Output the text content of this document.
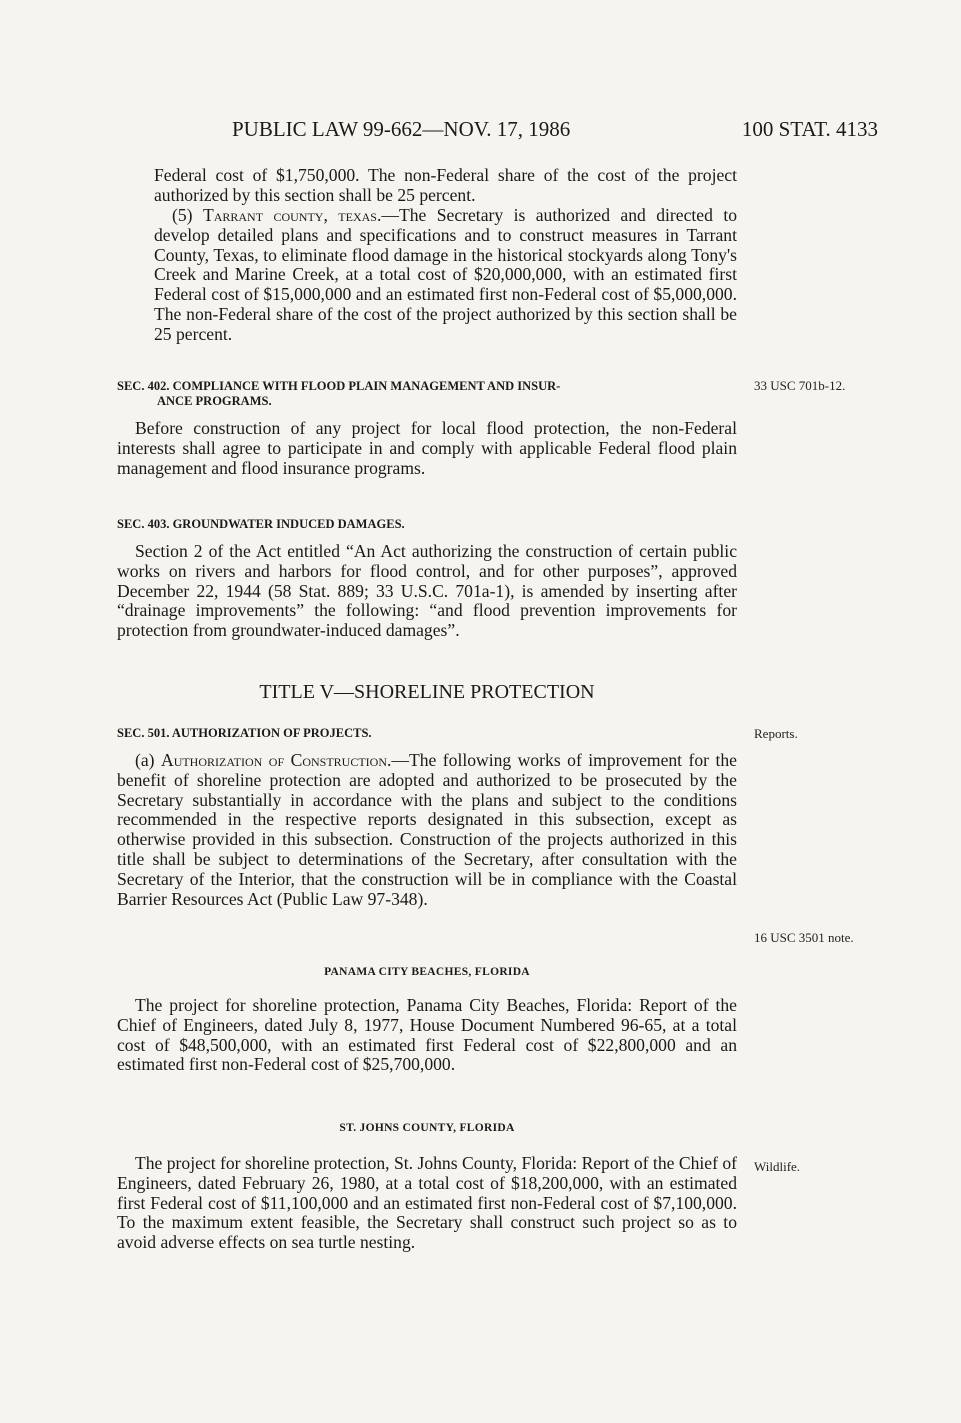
PUBLIC LAW 99-662—NOV. 17, 1986	100 STAT. 4133

Federal cost of $1,750,000. The non-Federal share of the cost of the project authorized by this section shall be 25 percent.

(5) Tarrant county, texas.—The Secretary is authorized and directed to develop detailed plans and specifications and to construct measures in Tarrant County, Texas, to eliminate flood damage in the historical stockyards along Tony's Creek and Marine Creek, at a total cost of $20,000,000, with an estimated first Federal cost of $15,000,000 and an estimated first non-Federal cost of $5,000,000. The non-Federal share of the cost of the project authorized by this section shall be 25 percent.

SEC. 402. COMPLIANCE WITH FLOOD PLAIN MANAGEMENT AND INSUR-
ANCE PROGRAMS.

Before construction of any project for local flood protection, the non-Federal interests shall agree to participate in and comply with applicable Federal flood plain management and flood insurance programs.

33 USC 701b-12.

SEC. 403. GROUNDWATER INDUCED DAMAGES.

Section 2 of the Act entitled “An Act authorizing the construction of certain public works on rivers and harbors for flood control, and for other purposes”, approved December 22, 1944 (58 Stat. 889; 33 U.S.C. 701a-1), is amended by inserting after “drainage improvements” the following: “and flood prevention improvements for protection from groundwater-induced damages”.

TITLE V—SHORELINE PROTECTION

SEC. 501. AUTHORIZATION OF PROJECTS.

(a) Authorization of Construction.—The following works of improvement for the benefit of shoreline protection are adopted and authorized to be prosecuted by the Secretary substantially in accordance with the plans and subject to the conditions recommended in the respective reports designated in this subsection, except as otherwise provided in this subsection. Construction of the projects authorized in this title shall be subject to determinations of the Secretary, after consultation with the Secretary of the Interior, that the construction will be in compliance with the Coastal Barrier Resources Act (Public Law 97-348).

Reports.
16 USC 3501 note.

PANAMA CITY BEACHES, FLORIDA

The project for shoreline protection, Panama City Beaches, Florida: Report of the Chief of Engineers, dated July 8, 1977, House Document Numbered 96-65, at a total cost of $48,500,000, with an estimated first Federal cost of $22,800,000 and an estimated first non-Federal cost of $25,700,000.

ST. JOHNS COUNTY, FLORIDA

The project for shoreline protection, St. Johns County, Florida: Report of the Chief of Engineers, dated February 26, 1980, at a total cost of $18,200,000, with an estimated first Federal cost of $11,100,000 and an estimated first non-Federal cost of $7,100,000. To the maximum extent feasible, the Secretary shall construct such project so as to avoid adverse effects on sea turtle nesting.

Wildlife.
